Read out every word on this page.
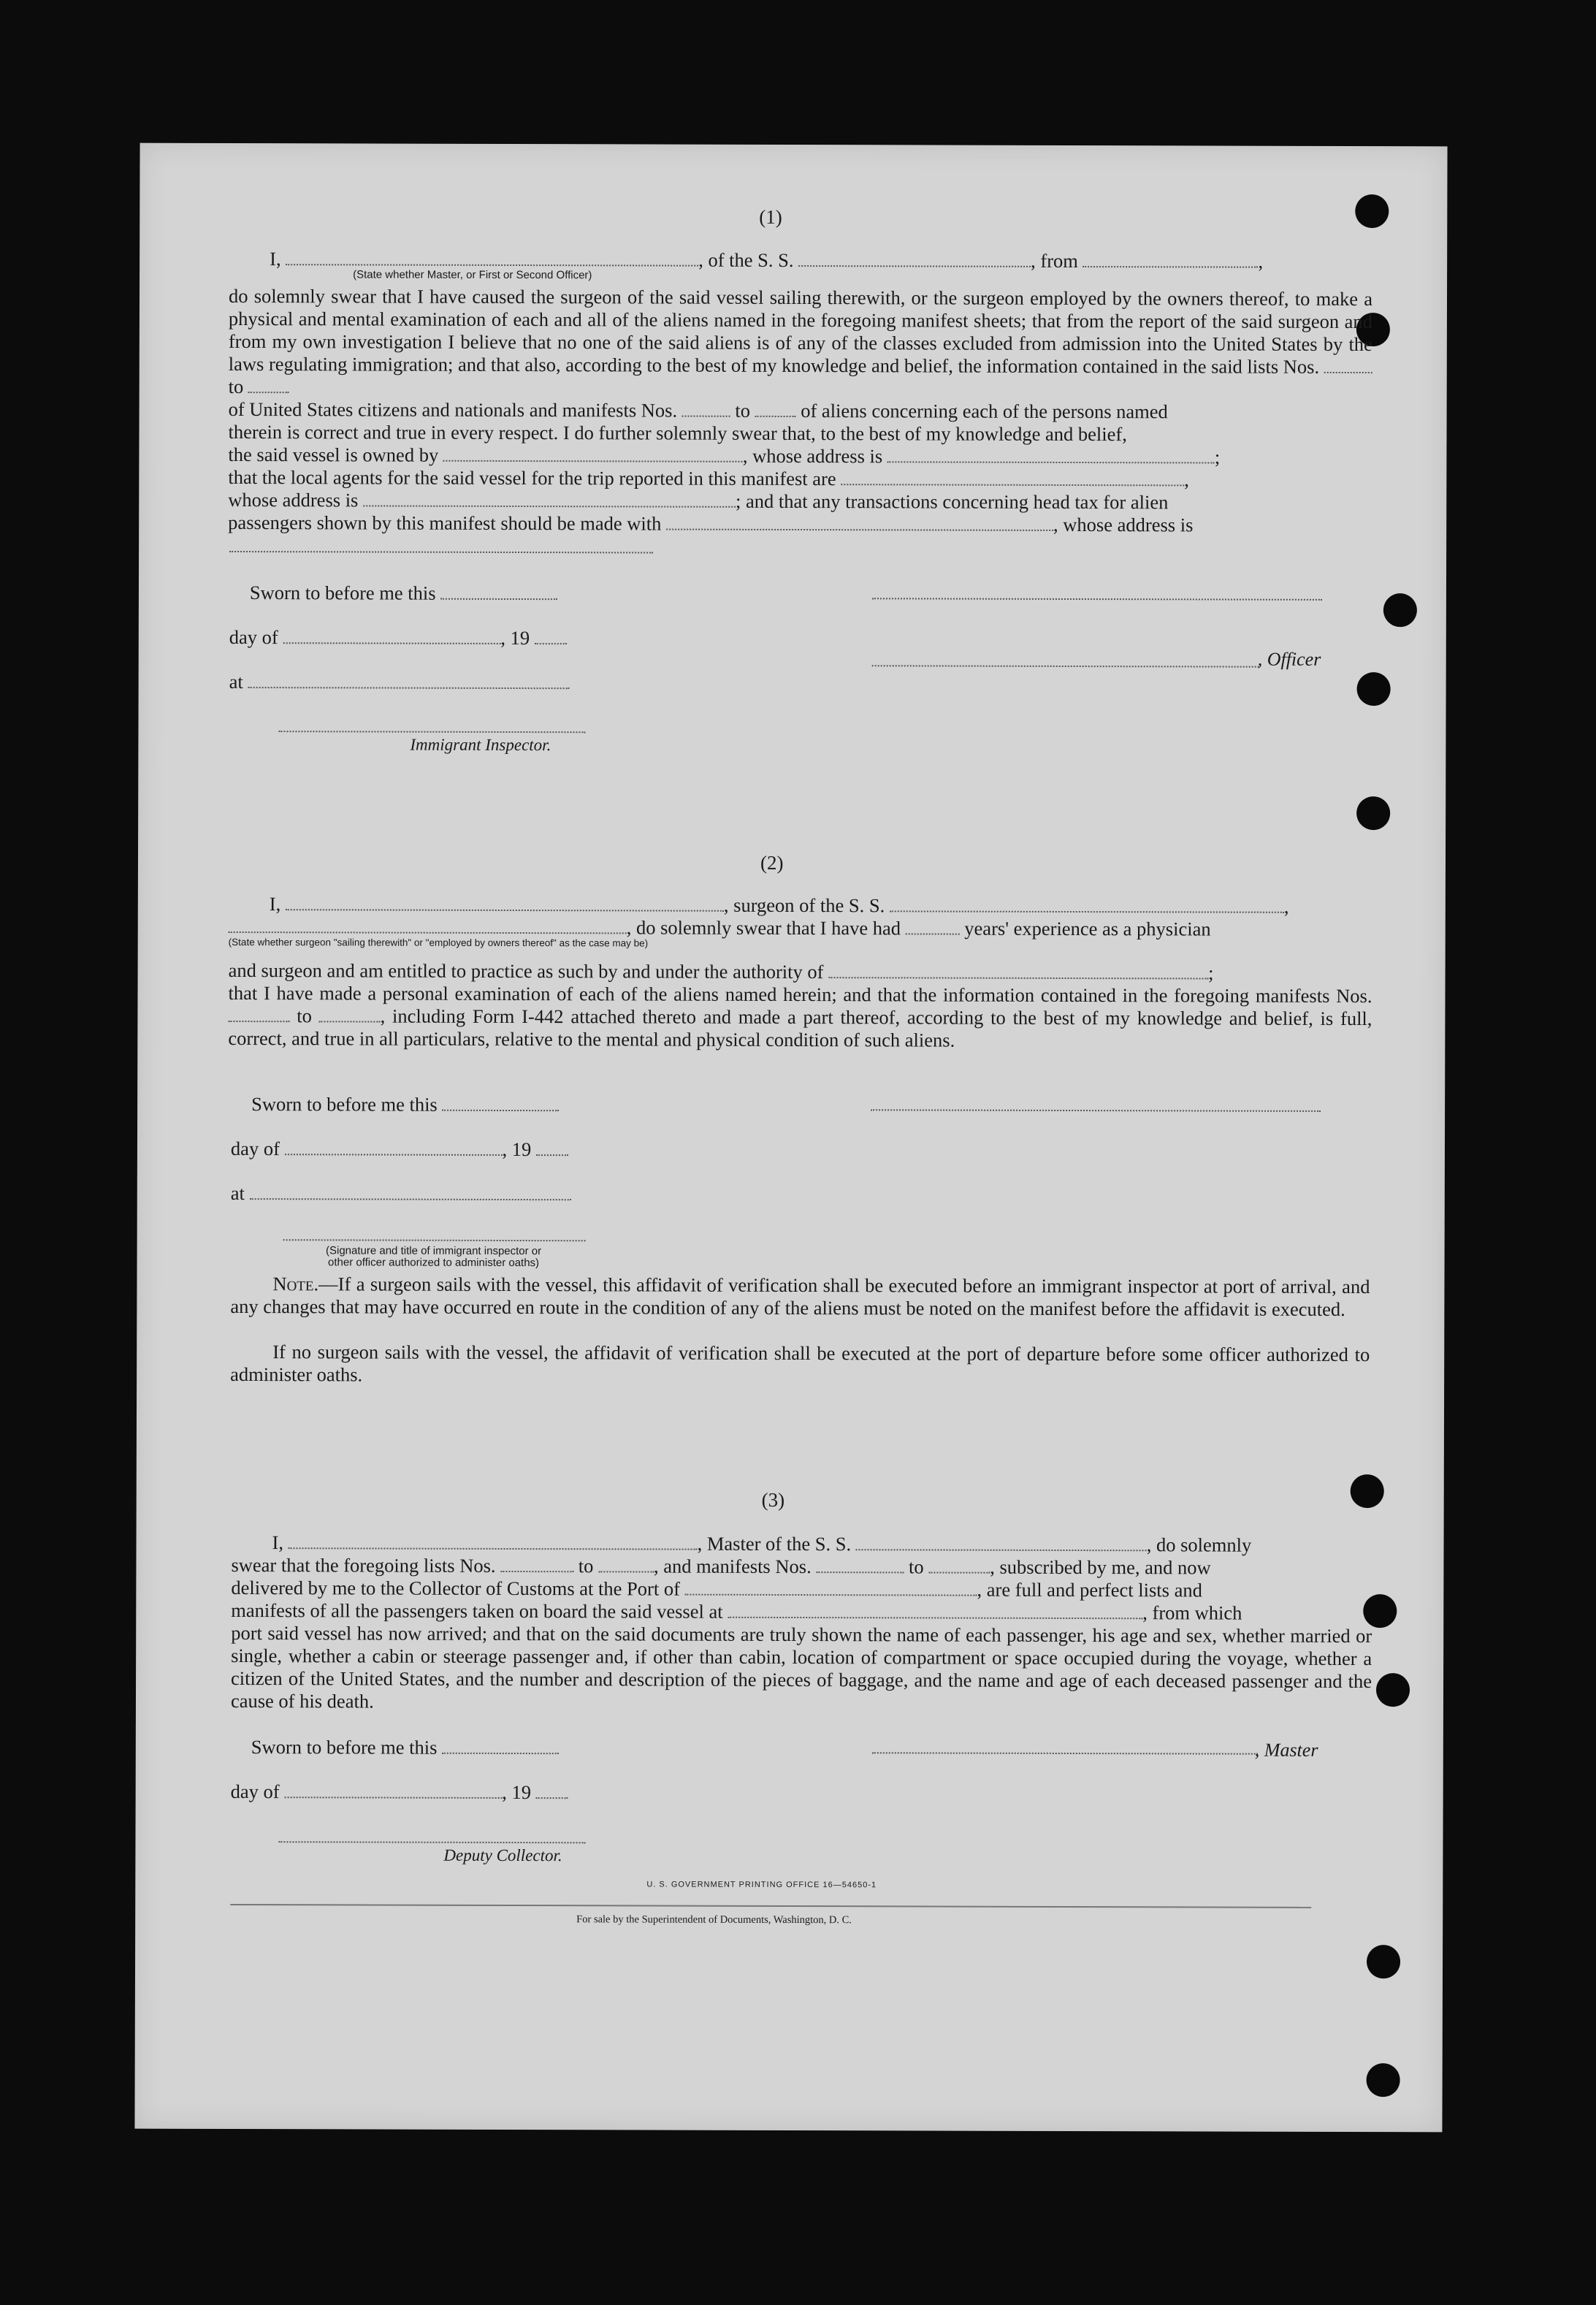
(1)
I,	, of the S. S.	, from	,
(State whether Master, or First or Second Officer)

do solemnly swear that I have caused the surgeon of the said vessel sailing therewith, or the surgeon employed by the owners thereof, to make a physical and mental examination of each and all of the aliens named in the foregoing manifest sheets; that from the report of the said surgeon and from my own investigation I believe that no one of the said aliens is of any of the classes excluded from admission into the United States by the laws regulating immigration; and that also, according to the best of my knowledge and belief, the information contained in the said lists Nos.  to

of United States citizens and nationals and manifests Nos.	to	of aliens concerning each of the persons named
therein is correct and true in every respect. I do further solemnly swear that, to the best of my knowledge and belief,
the said vessel is owned by	, whose address is	;
that the local agents for the said vessel for the trip reported in this manifest are	,
whose address is	; and that any transactions concerning head tax for alien
passengers shown by this manifest should be made with	, whose address is
Sworn to before me this
day of	, 19
, Officer
at
Immigrant Inspector.
(2)
I,	, surgeon of the S. S.	,
, do solemnly swear that I have had	years' experience as a physician
(State whether surgeon "sailing therewith" or "employed by owners thereof" as the case may be)
and surgeon and am entitled to practice as such by and under the authority of	;

that I have made a personal examination of each of the aliens named herein; and that the information contained in the foregoing manifests Nos.  to	, including Form I-442 attached thereto and made a part thereof, according to the best of my knowledge and belief, is full, correct, and true in all particulars, relative to the mental and physical condition of such aliens.

Sworn to before me this
day of	, 19
at
(Signature and title of immigrant inspector or
other officer authorized to administer oaths)

Note.—If a surgeon sails with the vessel, this affidavit of verification shall be executed before an immigrant inspector at port of arrival, and any changes that may have occurred en route in the condition of any of the aliens must be noted on the manifest before the affidavit is executed.

If no surgeon sails with the vessel, the affidavit of verification shall be executed at the port of departure before some officer authorized to administer oaths.

(3)
I,	, Master of the S. S.	, do solemnly
swear that the foregoing lists Nos.	to	, and manifests Nos.	to	, subscribed by me, and now
delivered by me to the Collector of Customs at the Port of	, are full and perfect lists and
manifests of all the passengers taken on board the said vessel at	, from which

port said vessel has now arrived; and that on the said documents are truly shown the name of each passenger, his age and sex, whether married or single, whether a cabin or steerage passenger and, if other than cabin, location of compartment or space occupied during the voyage, whether a citizen of the United States, and the number and description of the pieces of baggage, and the name and age of each deceased passenger and the cause of his death.

Sworn to before me this	, Master
day of	, 19
Deputy Collector.
U. S. GOVERNMENT PRINTING OFFICE 16—54650-1
For sale by the Superintendent of Documents, Washington, D. C.
